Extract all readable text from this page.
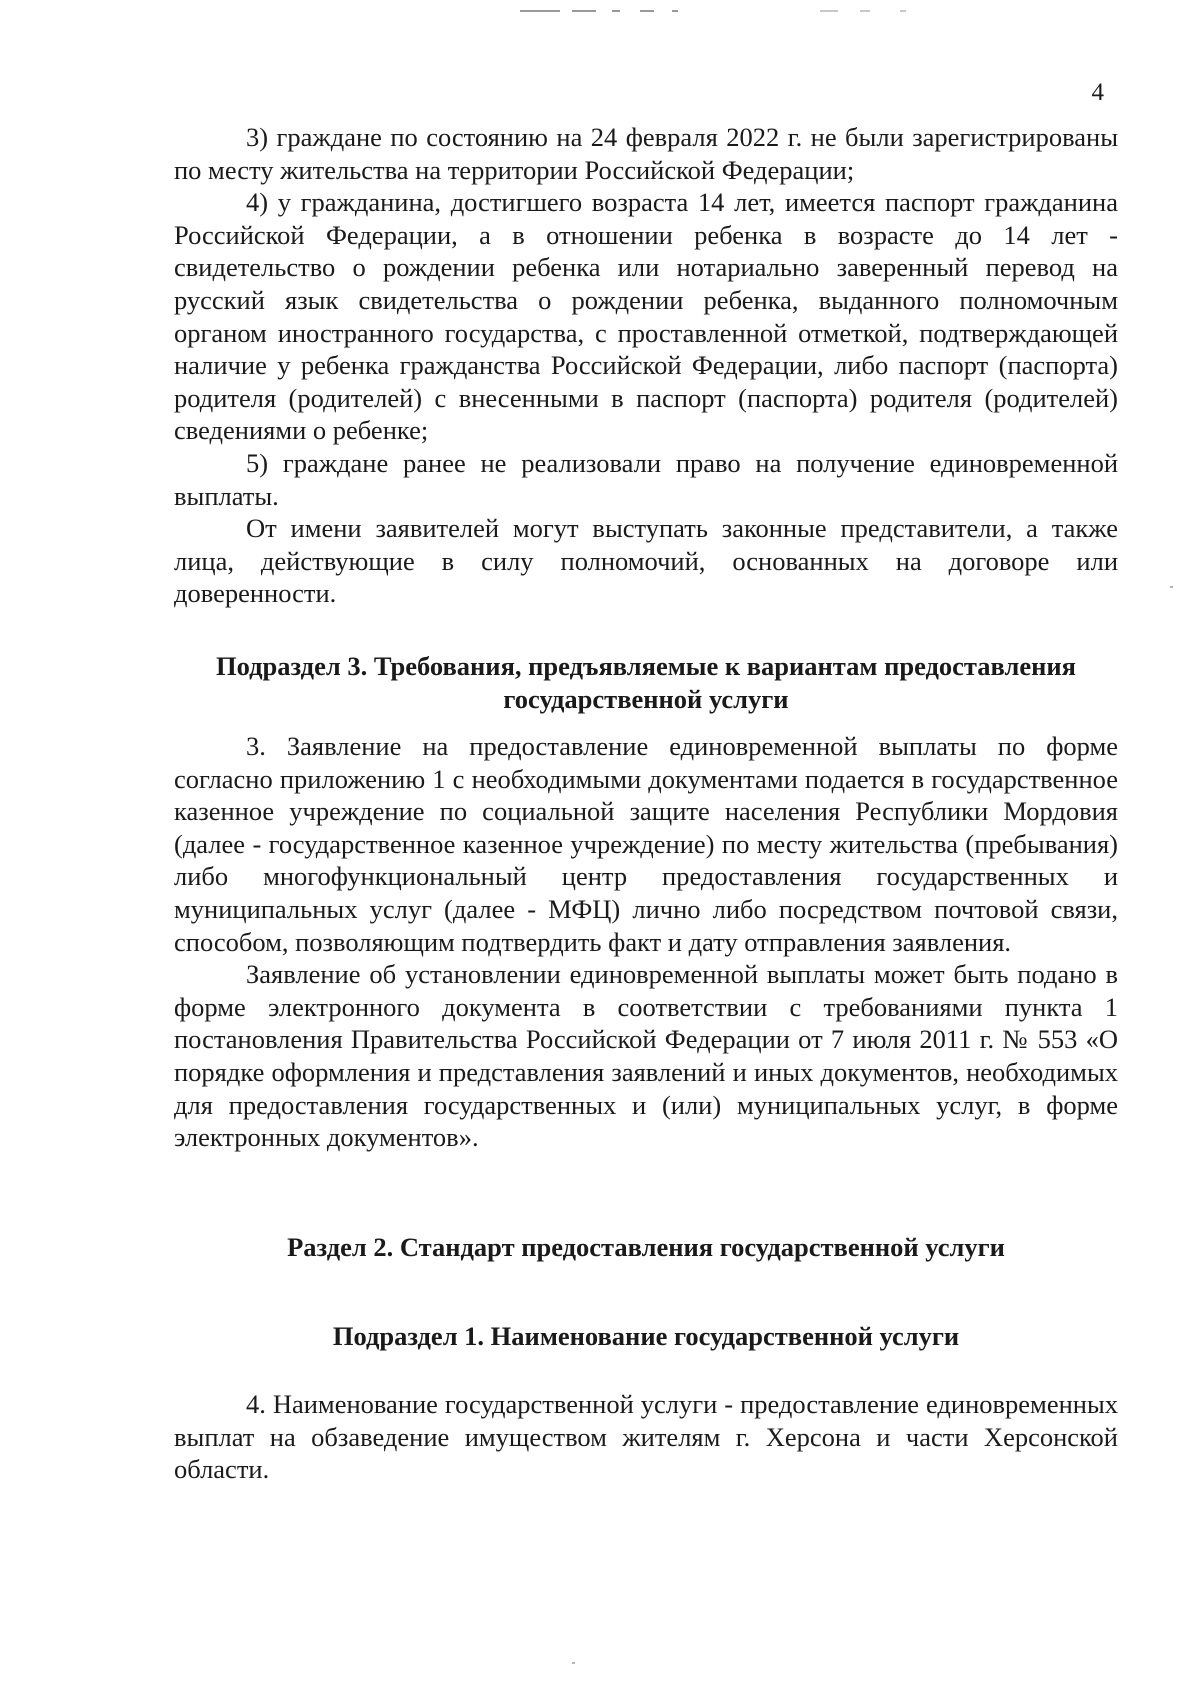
4

3) граждане по состоянию на 24 февраля 2022 г. не были зарегистрированы по месту жительства на территории Российской Федерации;

4) у гражданина, достигшего возраста 14 лет, имеется паспорт гражданина Российской Федерации, а в отношении ребенка в возрасте до 14 лет - свидетельство о рождении ребенка или нотариально заверенный перевод на русский язык свидетельства о рождении ребенка, выданного полномочным органом иностранного государства, с проставленной отметкой, подтверждающей наличие у ребенка гражданства Российской Федерации, либо паспорт (паспорта) родителя (родителей) с внесенными в паспорт (паспорта) родителя (родителей) сведениями о ребенке;

5) граждане ранее не реализовали право на получение единовременной выплаты.

От имени заявителей могут выступать законные представители, а также лица, действующие в силу полномочий, основанных на договоре или доверенности.

Подраздел 3. Требования, предъявляемые к вариантам предоставления государственной услуги

3. Заявление на предоставление единовременной выплаты по форме согласно приложению 1 с необходимыми документами подается в государственное казенное учреждение по социальной защите населения Республики Мордовия (далее - государственное казенное учреждение) по месту жительства (пребывания) либо многофункциональный центр предоставления государственных и муниципальных услуг (далее - МФЦ) лично либо посредством почтовой связи, способом, позволяющим подтвердить факт и дату отправления заявления.

Заявление об установлении единовременной выплаты может быть подано в форме электронного документа в соответствии с требованиями пункта 1 постановления Правительства Российской Федерации от 7 июля 2011 г. № 553 «О порядке оформления и представления заявлений и иных документов, необходимых для предоставления государственных и (или) муниципальных услуг, в форме электронных документов».

Раздел 2. Стандарт предоставления государственной услуги
Подраздел 1. Наименование государственной услуги

4. Наименование государственной услуги - предоставление единовременных выплат на обзаведение имуществом жителям г. Херсона и части Херсонской области.
